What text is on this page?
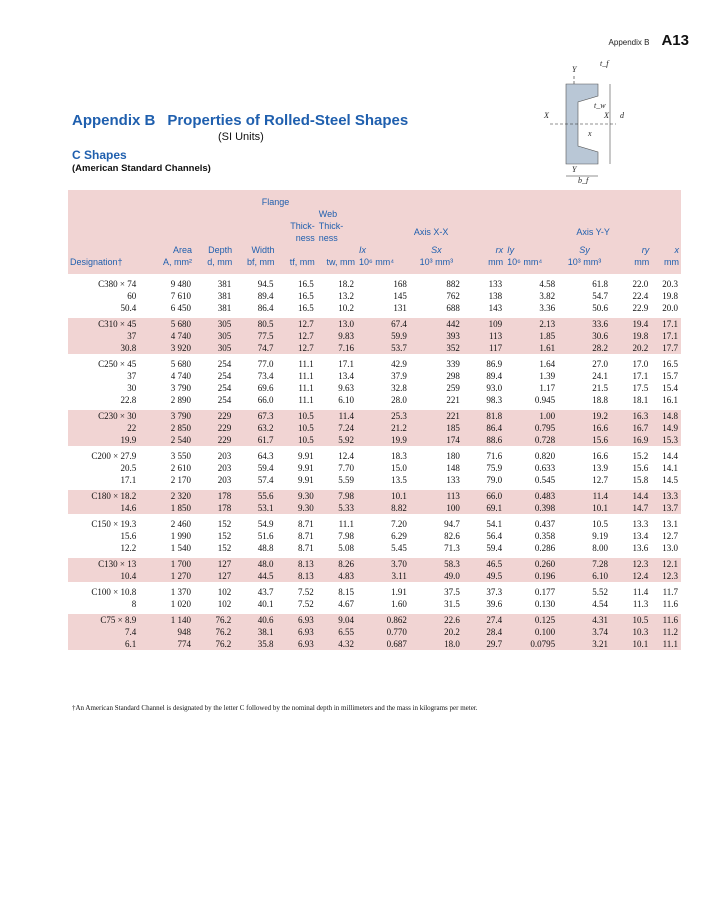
Appendix B A13
Y
t_f
t_w
X	X d
x
Y
b_f
Appendix B Properties of Rolled-Steel Shapes
(SI Units)
C Shapes
(American Standard Channels)
			Flange									
					Web							
				Thick-ness	Thick-ness	Axis X-X			Axis Y-Y			
	Area	Depth	Width			Ix	Sx	rx	Iy	Sy	ry	x
Designation†	A, mm²	d, mm	bf, mm	tf, mm	tw, mm	10⁶ mm⁴	10³ mm³	mm	10⁶ mm⁴	10³ mm³	mm	mm

C380 × 74	9 480	381	94.5	16.5	18.2	168	882	133	4.58	61.8	22.0	20.3
60	7 610	381	89.4	16.5	13.2	145	762	138	3.82	54.7	22.4	19.8
50.4	6 450	381	86.4	16.5	10.2	131	688	143	3.36	50.6	22.9	20.0

C310 × 45	5 680	305	80.5	12.7	13.0	67.4	442	109	2.13	33.6	19.4	17.1
37	4 740	305	77.5	12.7	9.83	59.9	393	113	1.85	30.6	19.8	17.1
30.8	3 920	305	74.7	12.7	7.16	53.7	352	117	1.61	28.2	20.2	17.7

C250 × 45	5 680	254	77.0	11.1	17.1	42.9	339	86.9	1.64	27.0	17.0	16.5
37	4 740	254	73.4	11.1	13.4	37.9	298	89.4	1.39	24.1	17.1	15.7
30	3 790	254	69.6	11.1	9.63	32.8	259	93.0	1.17	21.5	17.5	15.4
22.8	2 890	254	66.0	11.1	6.10	28.0	221	98.3	0.945	18.8	18.1	16.1

C230 × 30	3 790	229	67.3	10.5	11.4	25.3	221	81.8	1.00	19.2	16.3	14.8
22	2 850	229	63.2	10.5	7.24	21.2	185	86.4	0.795	16.6	16.7	14.9
19.9	2 540	229	61.7	10.5	5.92	19.9	174	88.6	0.728	15.6	16.9	15.3

C200 × 27.9	3 550	203	64.3	9.91	12.4	18.3	180	71.6	0.820	16.6	15.2	14.4
20.5	2 610	203	59.4	9.91	7.70	15.0	148	75.9	0.633	13.9	15.6	14.1
17.1	2 170	203	57.4	9.91	5.59	13.5	133	79.0	0.545	12.7	15.8	14.5

C180 × 18.2	2 320	178	55.6	9.30	7.98	10.1	113	66.0	0.483	11.4	14.4	13.3
14.6	1 850	178	53.1	9.30	5.33	8.82	100	69.1	0.398	10.1	14.7	13.7

C150 × 19.3	2 460	152	54.9	8.71	11.1	7.20	94.7	54.1	0.437	10.5	13.3	13.1
15.6	1 990	152	51.6	8.71	7.98	6.29	82.6	56.4	0.358	9.19	13.4	12.7
12.2	1 540	152	48.8	8.71	5.08	5.45	71.3	59.4	0.286	8.00	13.6	13.0

C130 × 13	1 700	127	48.0	8.13	8.26	3.70	58.3	46.5	0.260	7.28	12.3	12.1
10.4	1 270	127	44.5	8.13	4.83	3.11	49.0	49.5	0.196	6.10	12.4	12.3

C100 × 10.8	1 370	102	43.7	7.52	8.15	1.91	37.5	37.3	0.177	5.52	11.4	11.7
8	1 020	102	40.1	7.52	4.67	1.60	31.5	39.6	0.130	4.54	11.3	11.6

C75 × 8.9	1 140	76.2	40.6	6.93	9.04	0.862	22.6	27.4	0.125	4.31	10.5	11.6
7.4	948	76.2	38.1	6.93	6.55	0.770	20.2	28.4	0.100	3.74	10.3	11.2
6.1	774	76.2	35.8	6.93	4.32	0.687	18.0	29.7	0.0795	3.21	10.1	11.1
†An American Standard Channel is designated by the letter C followed by the nominal depth in millimeters and the mass in kilograms per meter.
